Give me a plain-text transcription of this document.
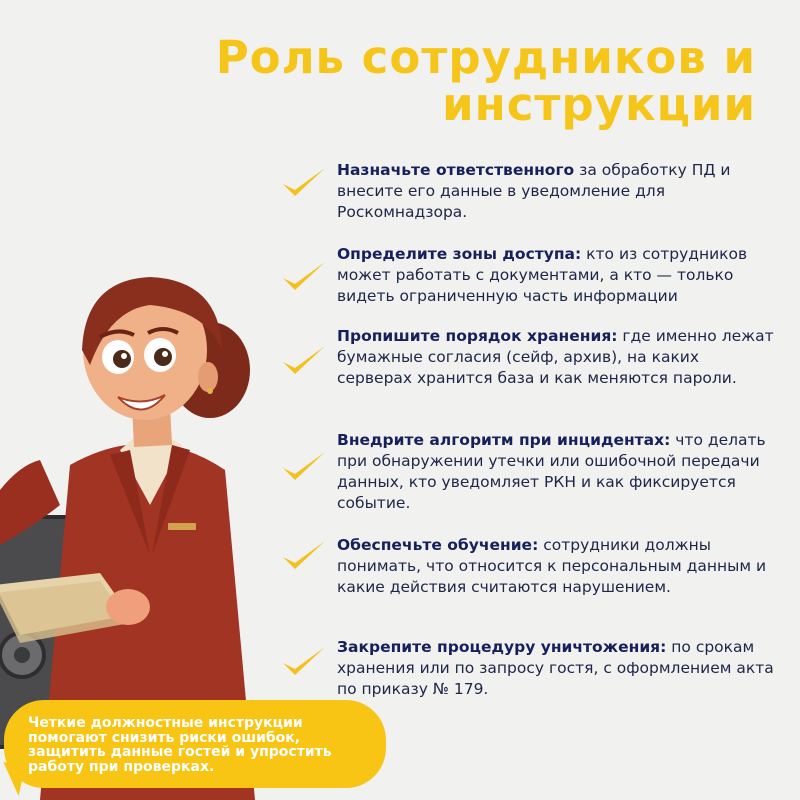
Роль сотрудников и
инструкции
Назначьте ответственного за обработку ПД и внесите его данные в уведомление для Роскомнадзора.
Определите зоны доступа: кто из сотрудников может работать с документами, а кто — только видеть ограниченную часть информации
Пропишите порядок хранения: где именно лежат бумажные согласия (сейф, архив), на каких серверах хранится база и как меняются пароли.
Внедрите алгоритм при инцидентах: что делать при обнаружении утечки или ошибочной передачи данных, кто уведомляет РКН и как фиксируется событие.
Обеспечьте обучение: сотрудники должны понимать, что относится к персональным данным и какие действия считаются нарушением.
Закрепите процедуру уничтожения: по срокам хранения или по запросу гостя, с оформлением акта по приказу № 179.
Четкие должностные инструкции помогают снизить риски ошибок, защитить данные гостей и упростить работу при проверках.
